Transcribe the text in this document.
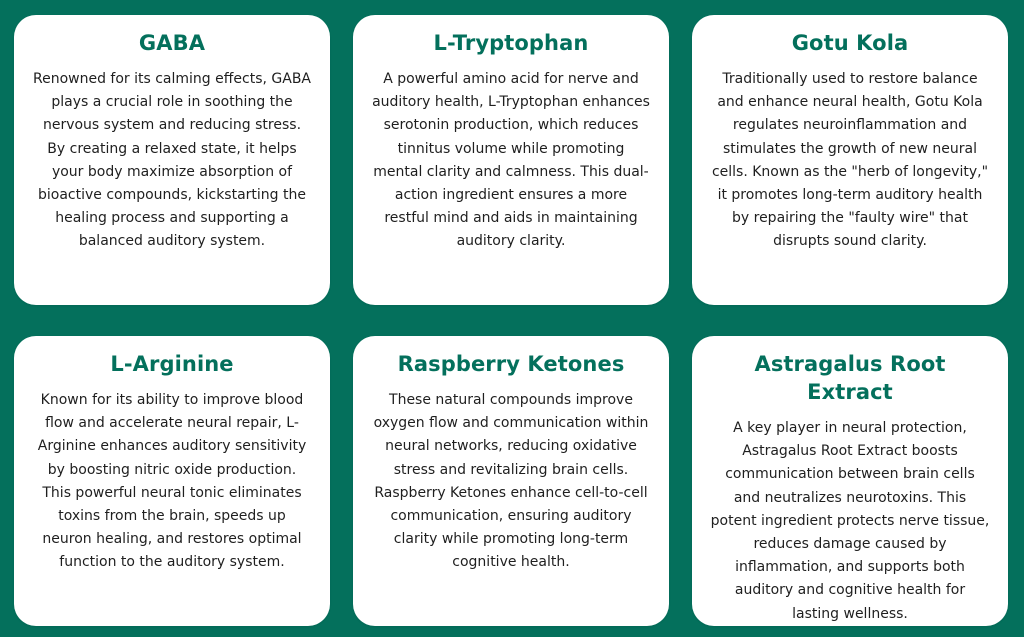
GABA

Renowned for its calming effects, GABA plays a crucial role in soothing the nervous system and reducing stress. By creating a relaxed state, it helps your body maximize absorption of bioactive compounds, kickstarting the healing process and supporting a balanced auditory system.

L-Tryptophan

A powerful amino acid for nerve and auditory health, L-Tryptophan enhances serotonin production, which reduces tinnitus volume while promoting mental clarity and calmness. This dual-action ingredient ensures a more restful mind and aids in maintaining auditory clarity.

Gotu Kola

Traditionally used to restore balance and enhance neural health, Gotu Kola regulates neuroinflammation and stimulates the growth of new neural cells. Known as the "herb of longevity," it promotes long-term auditory health by repairing the "faulty wire" that disrupts sound clarity.

L-Arginine

Known for its ability to improve blood flow and accelerate neural repair, L-Arginine enhances auditory sensitivity by boosting nitric oxide production. This powerful neural tonic eliminates toxins from the brain, speeds up neuron healing, and restores optimal function to the auditory system.

Raspberry Ketones

These natural compounds improve oxygen flow and communication within neural networks, reducing oxidative stress and revitalizing brain cells. Raspberry Ketones enhance cell-to-cell communication, ensuring auditory clarity while promoting long-term cognitive health.

Astragalus Root Extract

A key player in neural protection, Astragalus Root Extract boosts communication between brain cells and neutralizes neurotoxins. This potent ingredient protects nerve tissue, reduces damage caused by inflammation, and supports both auditory and cognitive health for lasting wellness.
